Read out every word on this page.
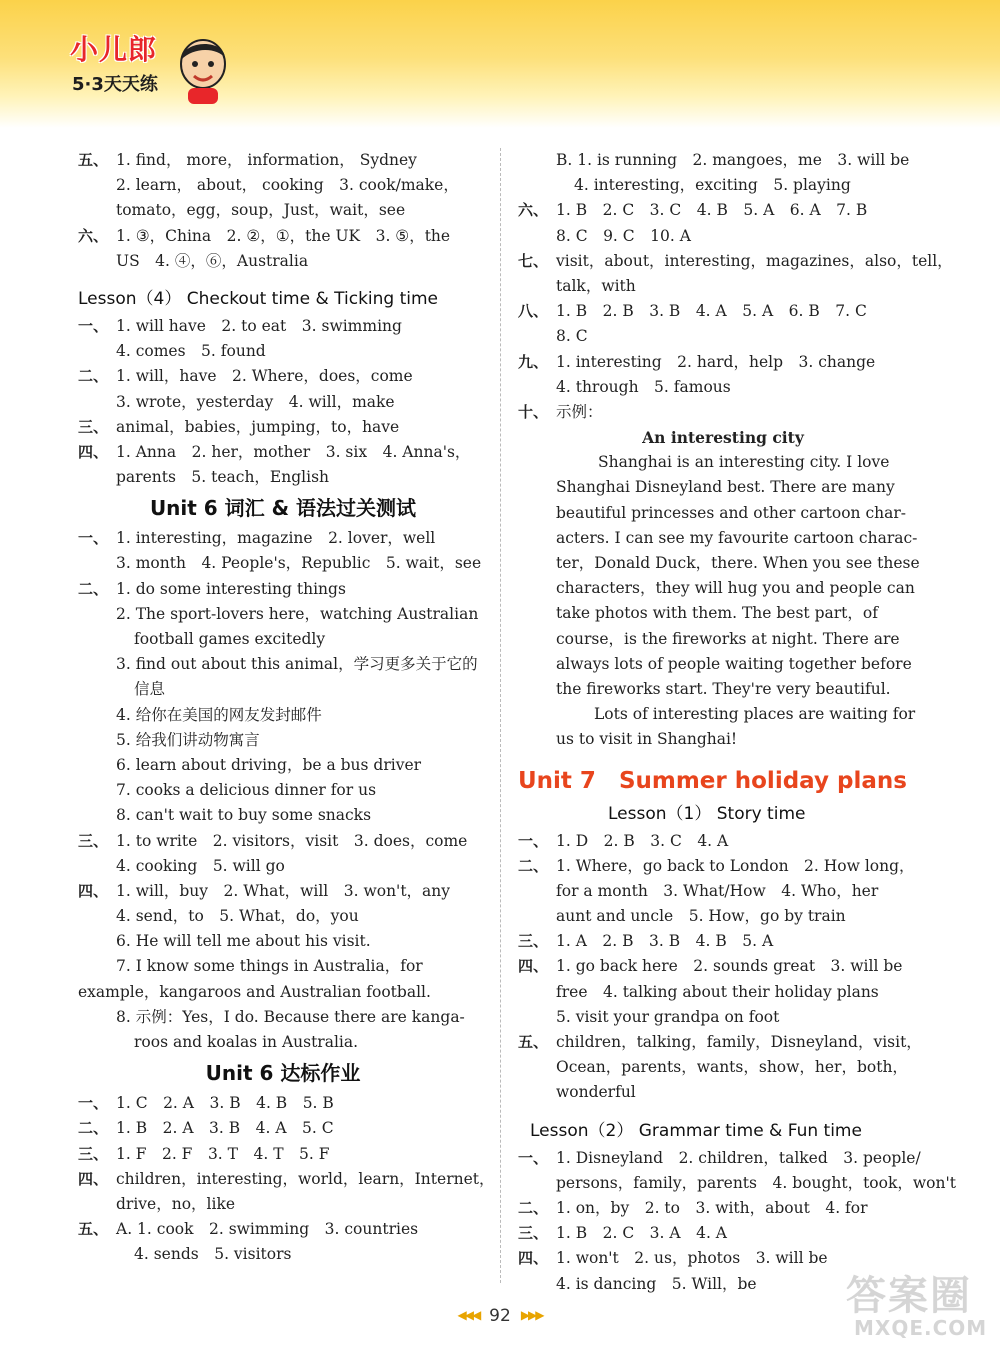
小儿郎
5·3天天练
五、 1. find， more， information， Sydney
2. learn， about， cooking　3. cook/make，
tomato，egg，soup，Just，wait，see
六、 1. ③，China　2. ②，①，the UK　3. ⑤，the
US　4. ④，⑥，Australia
Lesson（4） Checkout time & Ticking time
一、 1. will have　2. to eat　3. swimming
4. comes　5. found
二、 1. will，have　2. Where，does，come
3. wrote，yesterday　4. will，make
三、 animal，babies，jumping，to，have
四、 1. Anna　2. her，mother　3. six　4. Anna's，
parents　5. teach，English
Unit 6 词汇 & 语法过关测试
一、 1. interesting，magazine　2. lover，well
3. month　4. People's，Republic　5. wait，see
二、 1. do some interesting things
2. The sport-lovers here，watching Australian
football games excitedly
3. find out about this animal，学习更多关于它的
信息
4. 给你在美国的网友发封邮件
5. 给我们讲动物寓言
6. learn about driving，be a bus driver
7. cooks a delicious dinner for us
8. can't wait to buy some snacks
三、 1. to write　2. visitors，visit　3. does，come
4. cooking　5. will go
四、 1. will，buy　2. What，will　3. won't，any
4. send，to　5. What，do，you
6. He will tell me about his visit.
7. I know some things in Australia，for
example，kangaroos and Australian football.
8. 示例：Yes，I do. Because there are kanga-
roos and koalas in Australia.
Unit 6 达标作业
一、 1. C　2. A　3. B　4. B　5. B
二、 1. B　2. A　3. B　4. A　5. C
三、 1. F　2. F　3. T　4. T　5. F
四、 children，interesting，world，learn，Internet，
drive，no，like
五、 A. 1. cook　2. swimming　3. countries
4. sends　5. visitors
B. 1. is running　2. mangoes，me　3. will be
4. interesting，exciting　5. playing
六、 1. B　2. C　3. C　4. B　5. A　6. A　7. B
8. C　9. C　10. A
七、 visit，about，interesting，magazines，also，tell，
talk，with
八、 1. B　2. B　3. B　4. A　5. A　6. B　7. C
8. C
九、 1. interesting　2. hard，help　3. change
4. through　5. famous
十、 示例：
An interesting city
Shanghai is an interesting city. I love
Shanghai Disneyland best. There are many
beautiful princesses and other cartoon char-
acters. I can see my favourite cartoon charac-
ter，Donald Duck，there. When you see these
characters，they will hug you and people can
take photos with them. The best part，of
course，is the fireworks at night. There are
always lots of people waiting together before
the fireworks start. They're very beautiful.
Lots of interesting places are waiting for
us to visit in Shanghai!
Unit 7　Summer holiday plans
Lesson（1） Story time
一、 1. D　2. B　3. C　4. A
二、 1. Where，go back to London　2. How long，
for a month　3. What/How　4. Who，her
aunt and uncle　5. How，go by train
三、 1. A　2. B　3. B　4. B　5. A
四、 1. go back here　2. sounds great　3. will be
free　4. talking about their holiday plans
5. visit your grandpa on foot
五、 children，talking，family，Disneyland，visit，
Ocean，parents，wants，show，her，both，
wonderful
Lesson（2） Grammar time & Fun time
一、 1. Disneyland　2. children，talked　3. people/
persons，family，parents　4. bought，took，won't
二、 1. on，by　2. to　3. with，about　4. for
三、 1. B　2. C　3. A　4. A
四、 1. won't　2. us，photos　3. will be
4. is dancing　5. Will，be
◀◀◀ 92 ▶▶▶	答案圈
MXQE.COM
